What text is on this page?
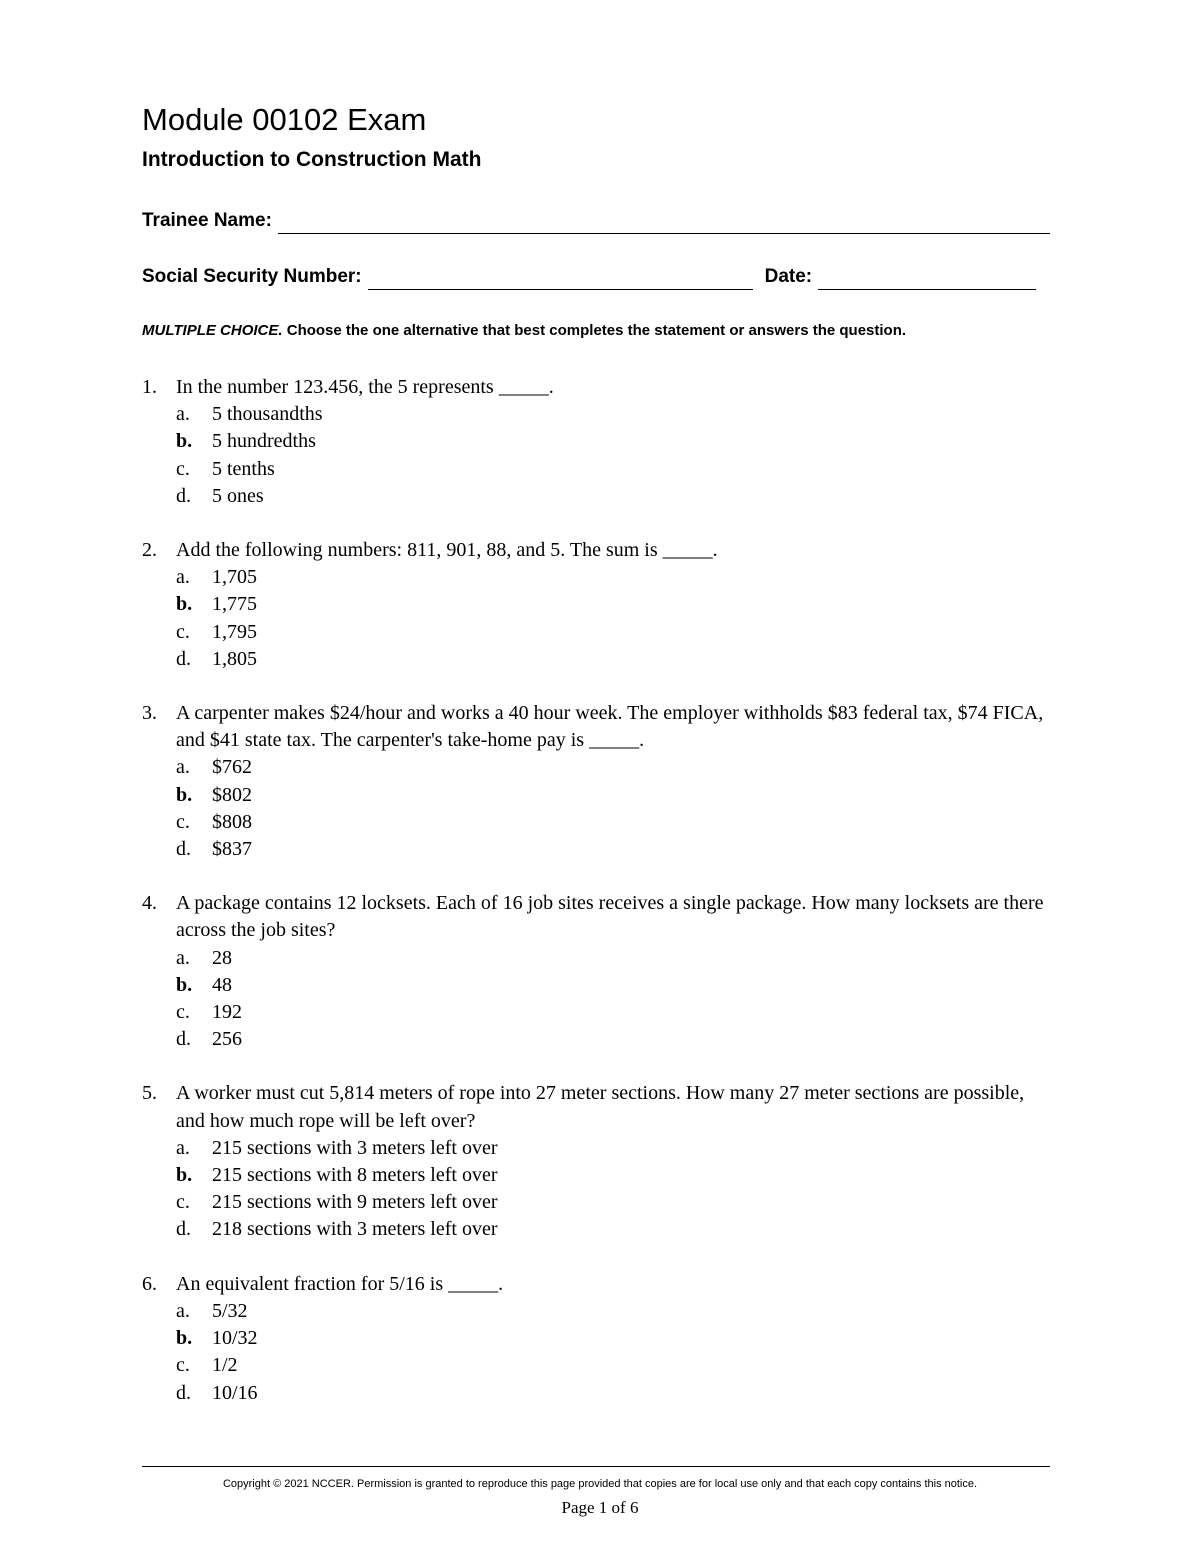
Module 00102 Exam
Introduction to Construction Math
Trainee Name:
Social Security Number:	Date:
MULTIPLE CHOICE. Choose the one alternative that best completes the statement or answers the question.
1. In the number 123.456, the 5 represents _____.

a.	5 thousandths
b. 5 hundredths
c.	5 tenths
d.	5 ones
2. Add the following numbers: 811, 901, 88, and 5. The sum is _____.

a.	1,705
b. 1,775
c.	1,795
d.	1,805
3. A carpenter makes $24/hour and works a 40 hour week. The employer withholds $83 federal tax, $74 FICA, and $41 state tax. The carpenter's take-home pay is _____.

a.	$762
b. $802
c.	$808
d.	$837
4. A package contains 12 locksets. Each of 16 job sites receives a single package. How many locksets are there across the job sites?

a.	28
b. 48
c.	192
d.	256
5. A worker must cut 5,814 meters of rope into 27 meter sections. How many 27 meter sections are possible, and how much rope will be left over?

a.	215 sections with 3 meters left over
b. 215 sections with 8 meters left over
c.	215 sections with 9 meters left over
d.	218 sections with 3 meters left over
6. An equivalent fraction for 5/16 is _____.

a.	5/32
b. 10/32
c.	1/2
d.	10/16
Copyright © 2021 NCCER. Permission is granted to reproduce this page provided that copies are for local use only and that each copy contains this notice.
Page 1 of 6
